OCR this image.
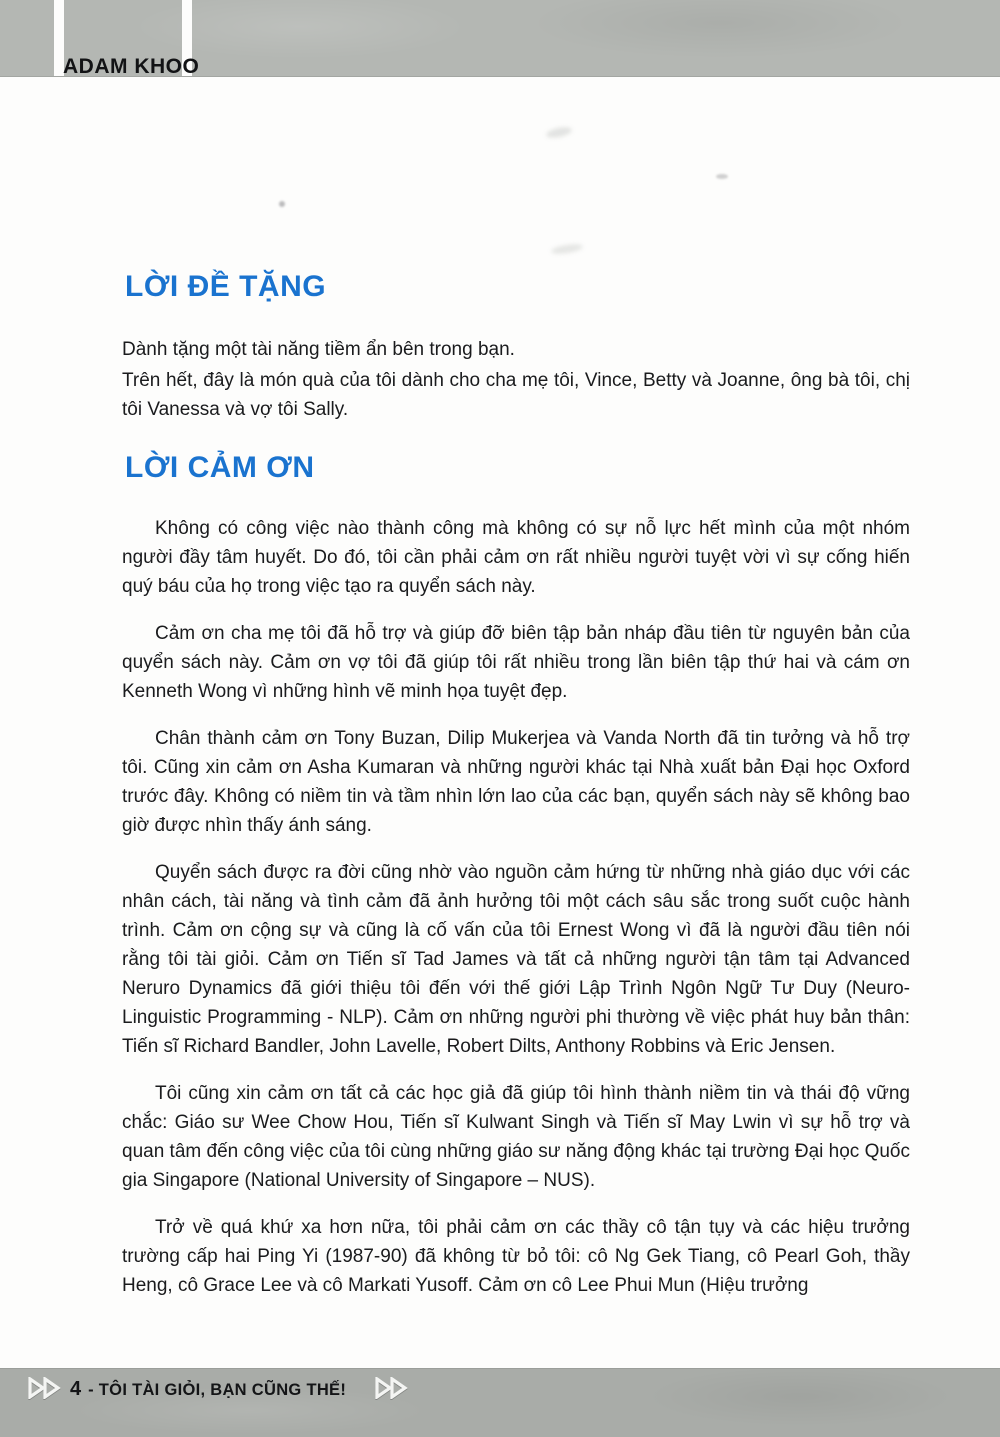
ADAM KHOO
LỜI ĐỀ TẶNG

Dành tặng một tài năng tiềm ẩn bên trong bạn.

Trên hết, đây là món quà của tôi dành cho cha mẹ tôi, Vince, Betty và Joanne, ông bà tôi, chị tôi Vanessa và vợ tôi Sally.

LỜI CẢM ƠN

Không có công việc nào thành công mà không có sự nỗ lực hết mình của một nhóm người đầy tâm huyết. Do đó, tôi cần phải cảm ơn rất nhiều người tuyệt vời vì sự cống hiến quý báu của họ trong việc tạo ra quyển sách này.

Cảm ơn cha mẹ tôi đã hỗ trợ và giúp đỡ biên tập bản nháp đầu tiên từ nguyên bản của quyển sách này. Cảm ơn vợ tôi đã giúp tôi rất nhiều trong lần biên tập thứ hai và cám ơn Kenneth Wong vì những hình vẽ minh họa tuyệt đẹp.

Chân thành cảm ơn Tony Buzan, Dilip Mukerjea và Vanda North đã tin tưởng và hỗ trợ tôi. Cũng xin cảm ơn Asha Kumaran và những người khác tại Nhà xuất bản Đại học Oxford trước đây. Không có niềm tin và tầm nhìn lớn lao của các bạn, quyển sách này sẽ không bao giờ được nhìn thấy ánh sáng.

Quyển sách được ra đời cũng nhờ vào nguồn cảm hứng từ những nhà giáo dục với các nhân cách, tài năng và tình cảm đã ảnh hưởng tôi một cách sâu sắc trong suốt cuộc hành trình. Cảm ơn cộng sự và cũng là cố vấn của tôi Ernest Wong vì đã là người đầu tiên nói rằng tôi tài giỏi. Cảm ơn Tiến sĩ Tad James và tất cả những người tận tâm tại Advanced Neruro Dynamics đã giới thiệu tôi đến với thế giới Lập Trình Ngôn Ngữ Tư Duy (Neuro-Linguistic Programming - NLP). Cảm ơn những người phi thường về việc phát huy bản thân: Tiến sĩ Richard Bandler, John Lavelle, Robert Dilts, Anthony Robbins và Eric Jensen.

Tôi cũng xin cảm ơn tất cả các học giả đã giúp tôi hình thành niềm tin và thái độ vững chắc: Giáo sư Wee Chow Hou, Tiến sĩ Kulwant Singh và Tiến sĩ May Lwin vì sự hỗ trợ và quan tâm đến công việc của tôi cùng những giáo sư năng động khác tại trường Đại học Quốc gia Singapore (National University of Singapore – NUS).

Trở về quá khứ xa hơn nữa, tôi phải cảm ơn các thầy cô tận tụy và các hiệu trưởng trường cấp hai Ping Yi (1987-90) đã không từ bỏ tôi: cô Ng Gek Tiang, cô Pearl Goh, thầy Heng, cô Grace Lee và cô Markati Yusoff. Cảm ơn cô Lee Phui Mun (Hiệu trưởng

4 - TÔI TÀI GIỎI, BẠN CŨNG THẾ!
